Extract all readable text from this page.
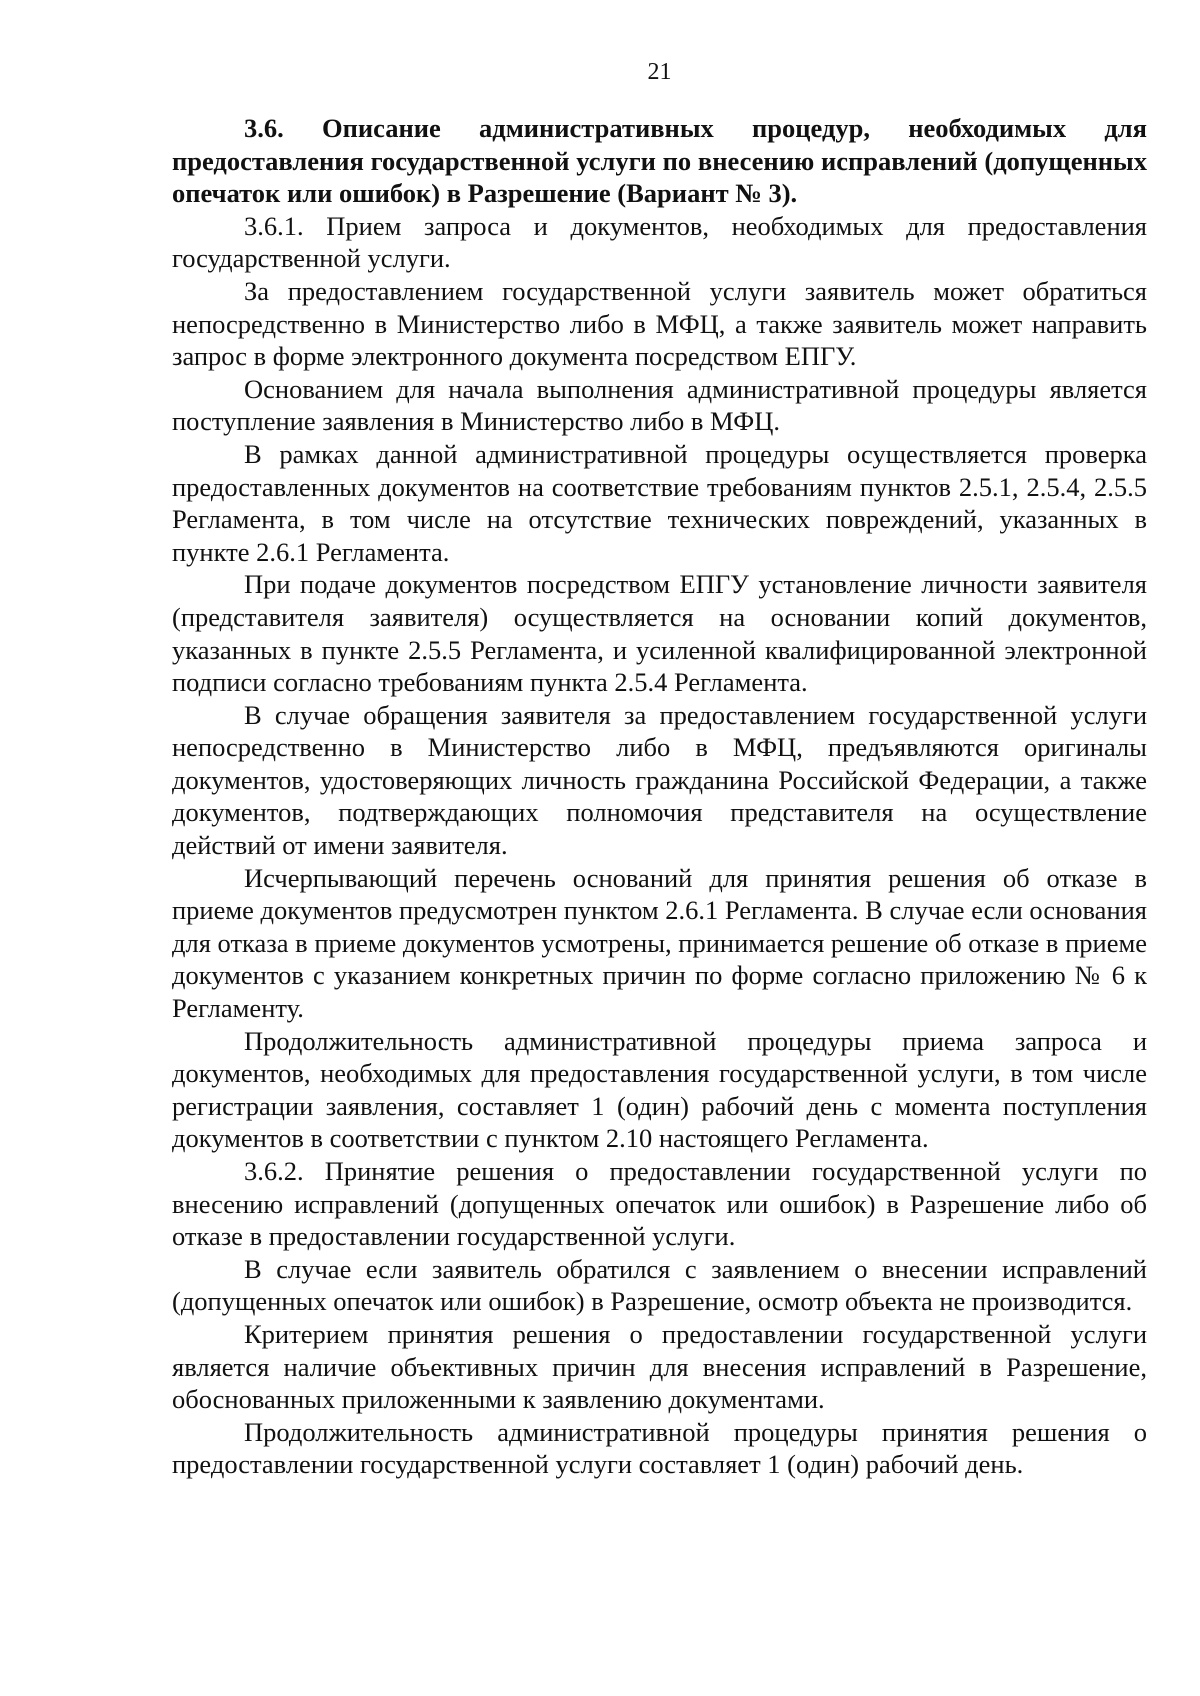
21

3.6. Описание административных процедур, необходимых для предоставления государственной услуги по внесению исправлений (допущенных опечаток или ошибок) в Разрешение (Вариант № 3).

3.6.1. Прием запроса и документов, необходимых для предоставления государственной услуги.

За предоставлением государственной услуги заявитель может обратиться непосредственно в Министерство либо в МФЦ, а также заявитель может направить запрос в форме электронного документа посредством ЕПГУ.

Основанием для начала выполнения административной процедуры является поступление заявления в Министерство либо в МФЦ.

В рамках данной административной процедуры осуществляется проверка предоставленных документов на соответствие требованиям пунктов 2.5.1, 2.5.4, 2.5.5 Регламента, в том числе на отсутствие технических повреждений, указанных в пункте 2.6.1 Регламента.

При подаче документов посредством ЕПГУ установление личности заявителя (представителя заявителя) осуществляется на основании копий документов, указанных в пункте 2.5.5 Регламента, и усиленной квалифицированной электронной подписи согласно требованиям пункта 2.5.4 Регламента.

В случае обращения заявителя за предоставлением государственной услуги непосредственно в Министерство либо в МФЦ, предъявляются оригиналы документов, удостоверяющих личность гражданина Российской Федерации, а также документов, подтверждающих полномочия представителя на осуществление действий от имени заявителя.

Исчерпывающий перечень оснований для принятия решения об отказе в приеме документов предусмотрен пунктом 2.6.1 Регламента. В случае если основания для отказа в приеме документов усмотрены, принимается решение об отказе в приеме документов с указанием конкретных причин по форме согласно приложению № 6 к Регламенту.

Продолжительность административной процедуры приема запроса и документов, необходимых для предоставления государственной услуги, в том числе регистрации заявления, составляет 1 (один) рабочий день с момента поступления документов в соответствии с пунктом 2.10 настоящего Регламента.

3.6.2. Принятие решения о предоставлении государственной услуги по внесению исправлений (допущенных опечаток или ошибок) в Разрешение либо об отказе в предоставлении государственной услуги.

В случае если заявитель обратился с заявлением о внесении исправлений (допущенных опечаток или ошибок) в Разрешение, осмотр объекта не производится.

Критерием принятия решения о предоставлении государственной услуги является наличие объективных причин для внесения исправлений в Разрешение, обоснованных приложенными к заявлению документами.

Продолжительность административной процедуры принятия решения о предоставлении государственной услуги составляет 1 (один) рабочий день.
